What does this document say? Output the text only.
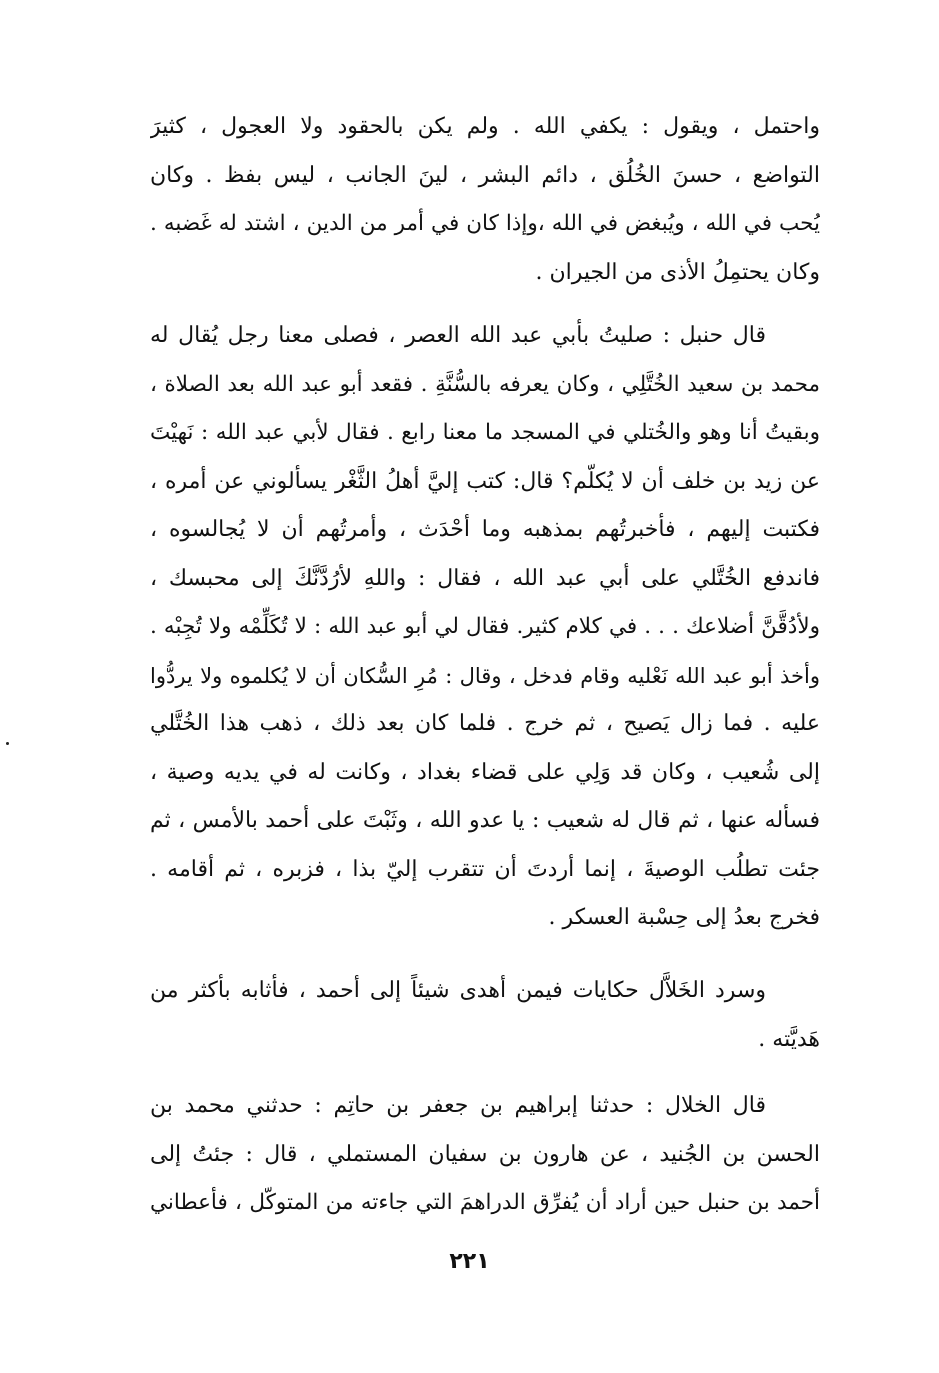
واحتمل ، ويقول : يكفي الله . ولم يكن بالحقود ولا العجول ، كثيرَ
التواضع ، حسنَ الخُلُق ، دائم البشر ، لينَ الجانب ، ليس بفظ . وكان
يُحب في الله ، ويُبغض في الله ،وإذا كان في أمر من الدين ، اشتد له غَضبه .
وكان يحتمِلُ الأذى من الجيران .
قال حنبل : صليتُ بأبي عبد الله العصر ، فصلى معنا رجل يُقال له
محمد بن سعيد الخُتَّلِي ، وكان يعرفه بالسُّنَّةِ . فقعد أبو عبد الله بعد الصلاة ،
وبقيتُ أنا وهو والخُتلي في المسجد ما معنا رابع . فقال لأبي عبد الله : نَهيْتَ
عن زيد بن خلف أن لا يُكلّم؟ قال: كتب إليَّ أهلُ الثَّغْر يسألوني عن أمره ،
فكتبت إليهم ، فأخبرتُهم بمذهبه وما أحْدَث ، وأمرتُهم أن لا يُجالسوه ،
فاندفع الخُتَّلي على أبي عبد الله ، فقال : واللهِ لأرُدَّنَّكَ إلى محبسك ،
ولأدُقَّنَّ أضلاعك . . . في كلام كثير. فقال لي أبو عبد الله : لا تُكَلِّمْه ولا تُجِبْه .
وأخذ أبو عبد الله نَعْليه وقام فدخل ، وقال : مُرِ السُّكان أن لا يُكلموه ولا يردُّوا
عليه . فما زال يَصيح ، ثم خرج . فلما كان بعد ذلك ، ذهب هذا الخُتَّلي
إلى شُعيب ، وكان قد وَلِي على قضاء بغداد ، وكانت له في يديه وصية ،
فسأله عنها ، ثم قال له شعيب : يا عدو الله ، وثَبْتَ على أحمد بالأمس ، ثم
جئت تطلُب الوصيةَ ، إنما أردتَ أن تتقرب إليّ بذا ، فزبره ، ثم أقامه .
فخرج بعدُ إلى حِسْبة العسكر .
وسرد الخَلاَّل حكايات فيمن أهدى شيئاً إلى أحمد ، فأثابه بأكثر من
هَديَّته .
قال الخلال : حدثنا إبراهيم بن جعفر بن حاتِم : حدثني محمد بن
الحسن بن الجُنيد ، عن هارون بن سفيان المستملي ، قال : جئتُ إلى
أحمد بن حنبل حين أراد أن يُفرِّق الدراهمَ التي جاءته من المتوكّل ، فأعطاني
٢٢١
